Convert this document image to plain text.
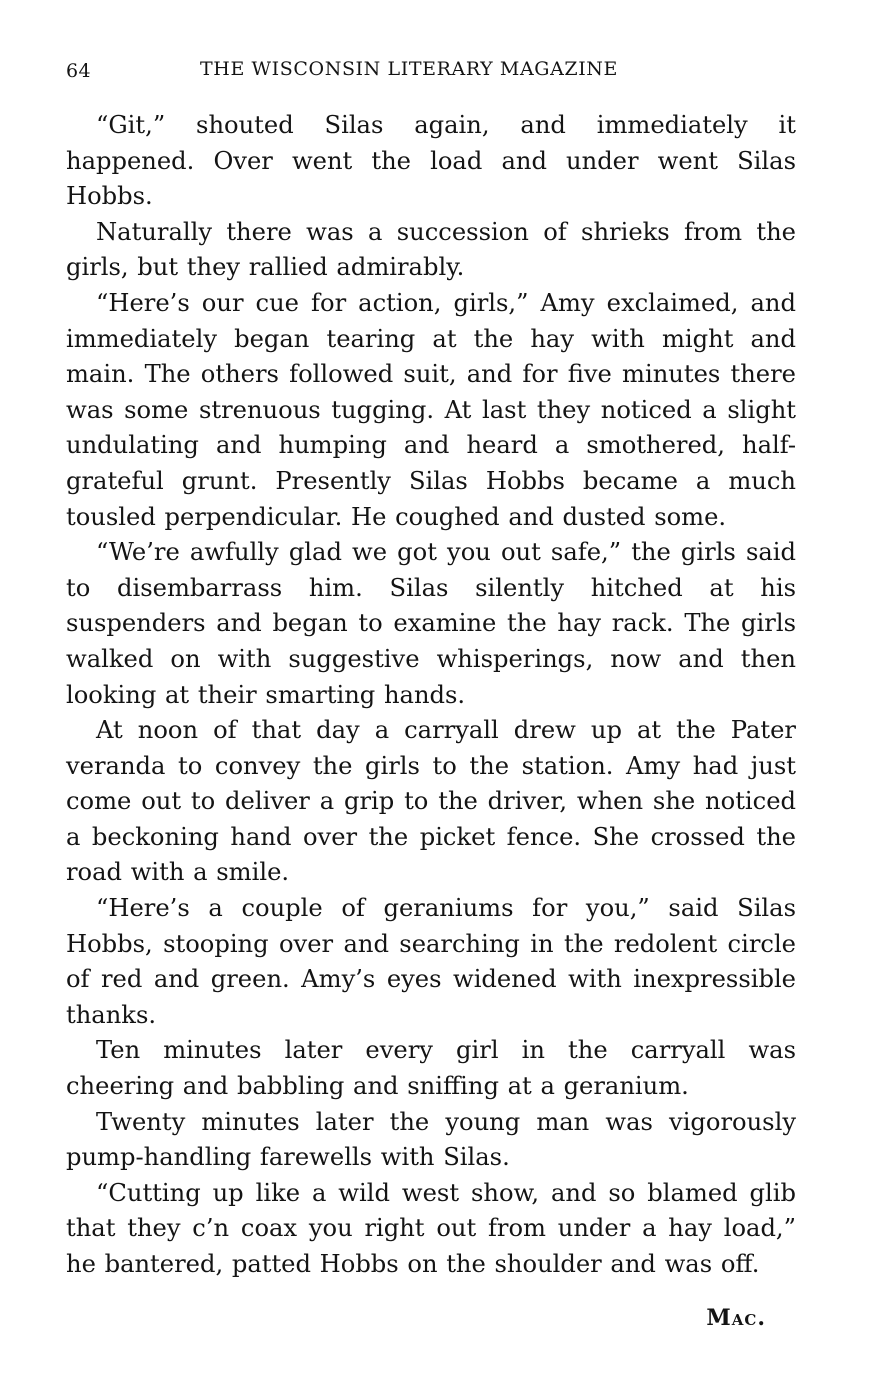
64	THE WISCONSIN LITERARY MAGAZINE

“Git,” shouted Silas again, and immediately it happened. Over went the load and under went Silas Hobbs.

Naturally there was a succession of shrieks from the girls, but they rallied admirably.

“Here’s our cue for action, girls,” Amy exclaimed, and immediately began tearing at the hay with might and main. The others followed suit, and for five minutes there was some strenuous tugging. At last they noticed a slight undulating and humping and heard a smothered, half-grateful grunt. Presently Silas Hobbs became a much tousled perpendicular. He coughed and dusted some.

“We’re awfully glad we got you out safe,” the girls said to disembarrass him. Silas silently hitched at his suspenders and began to examine the hay rack. The girls walked on with suggestive whisperings, now and then looking at their smarting hands.

At noon of that day a carryall drew up at the Pater veranda to convey the girls to the station. Amy had just come out to deliver a grip to the driver, when she noticed a beckoning hand over the picket fence. She crossed the road with a smile.

“Here’s a couple of geraniums for you,” said Silas Hobbs, stooping over and searching in the redolent circle of red and green. Amy’s eyes widened with inexpressible thanks.

Ten minutes later every girl in the carryall was cheering and babbling and sniffing at a geranium.

Twenty minutes later the young man was vigorously pump-handling farewells with Silas.

“Cutting up like a wild west show, and so blamed glib that they c’n coax you right out from under a hay load,” he bantered, patted Hobbs on the shoulder and was off.

Mac.
